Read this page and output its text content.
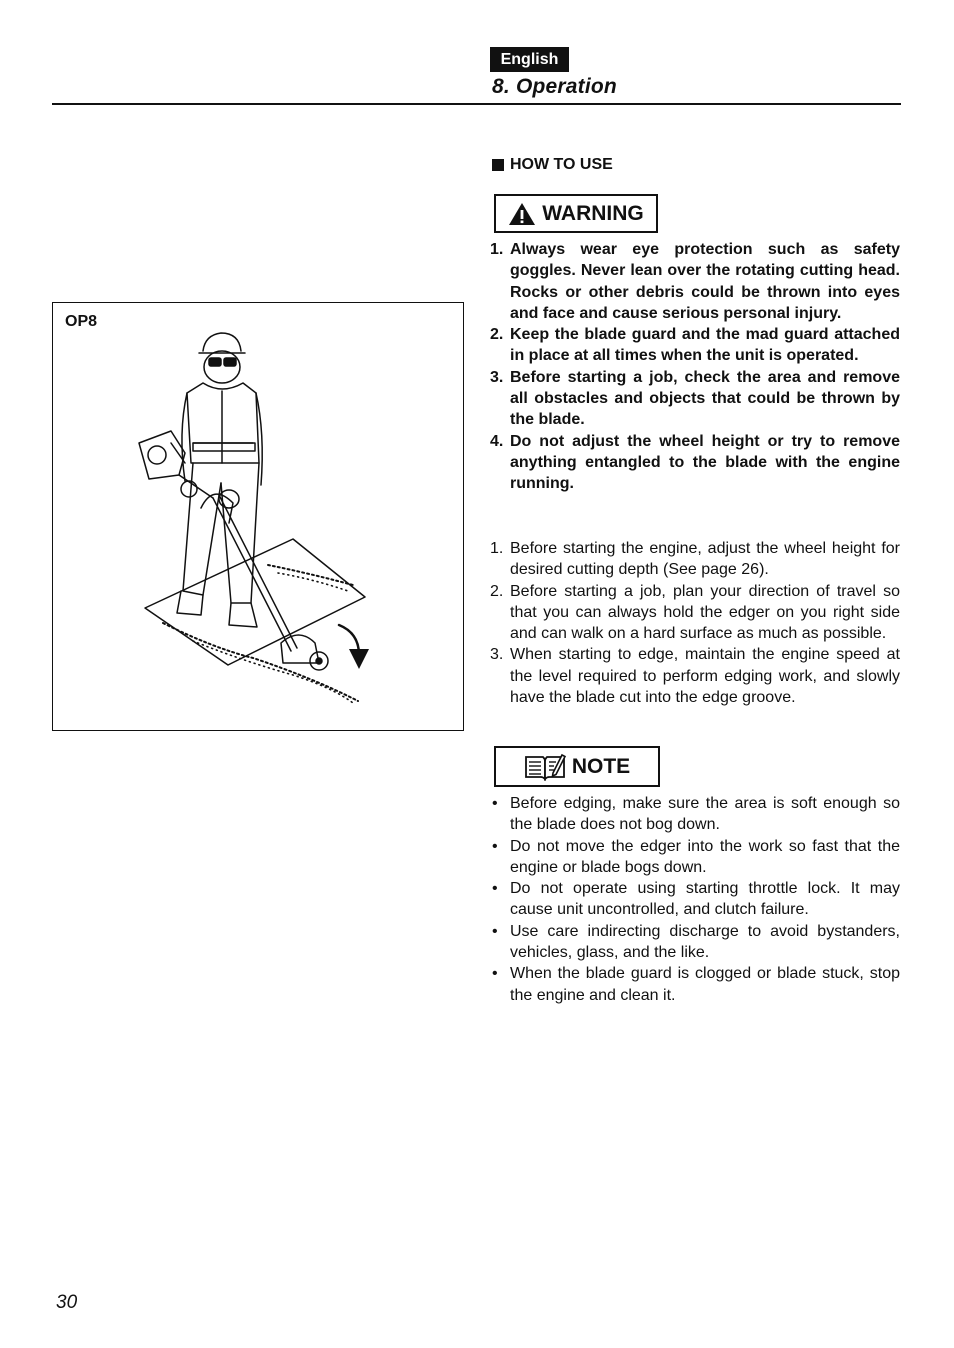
English
8. Operation
HOW TO USE
WARNING
1. Always wear eye protection such as safety goggles. Never lean over the rotating cutting head. Rocks or other debris could be thrown into eyes and face and cause serious personal injury.
2. Keep the blade guard and the mad guard attached in place at all times when the unit is operated.
3. Before starting a job, check the area and remove all obstacles and objects that could be thrown by the blade.
4. Do not adjust the wheel height or try to remove anything entangled to the blade with the engine running.
1. Before starting the engine, adjust the wheel height for desired cutting depth (See page 26).
2. Before starting a job, plan your direction of travel so that you can always hold the edger on you right side and can walk on a hard surface as much as possible.
3. When starting to edge, maintain the engine speed at the level required to perform edging work, and slowly have the blade cut into the edge groove.
NOTE
• Before edging, make sure the area is soft enough so the blade does not bog down.
• Do not move the edger into the work so fast that the engine or blade bogs down.
• Do not operate using starting throttle lock. It may cause unit uncontrolled, and clutch failure.
• Use care indirecting discharge to avoid bystanders, vehicles, glass, and the like.
• When the blade guard is clogged or blade stuck, stop the engine and clean it.
OP8
30
